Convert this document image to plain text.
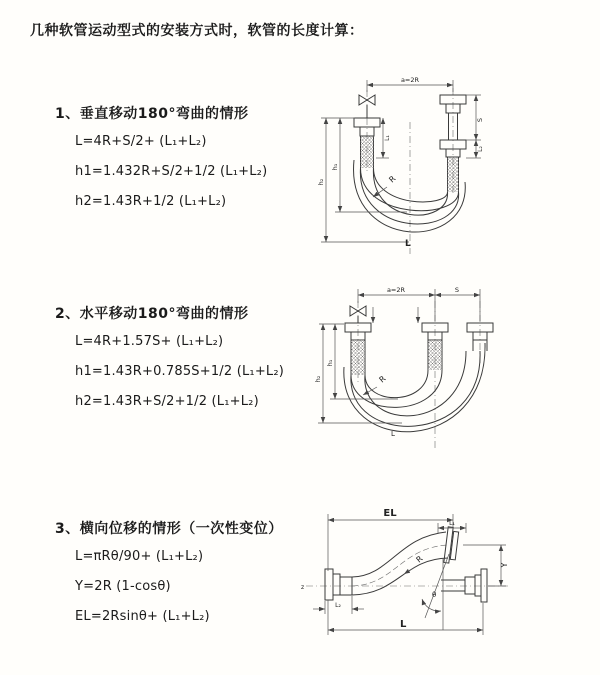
几种软管运动型式的安装方式时，软管的长度计算：
1、垂直移动180°弯曲的情形
L=4R+S/2+ (L₁+L₂)
h1=1.432R+S/2+1/2 (L₁+L₂)
h2=1.43R+1/2 (L₁+L₂)
2、水平移动180°弯曲的情形
L=4R+1.57S+ (L₁+L₂)
h1=1.43R+0.785S+1/2 (L₁+L₂)
h2=1.43R+S/2+1/2 (L₁+L₂)
3、横向位移的情形（一次性变位）
L=πRθ/90+ (L₁+L₂)
Y=2R (1-cosθ)
EL=2Rsinθ+ (L₁+L₂)
a=2R
S
L₂
L₁
h₁
h₂	R
L
a=2R	S
h₁
h₂	R
L
z
EL
L₁
Y
R
θ
L
L₂
